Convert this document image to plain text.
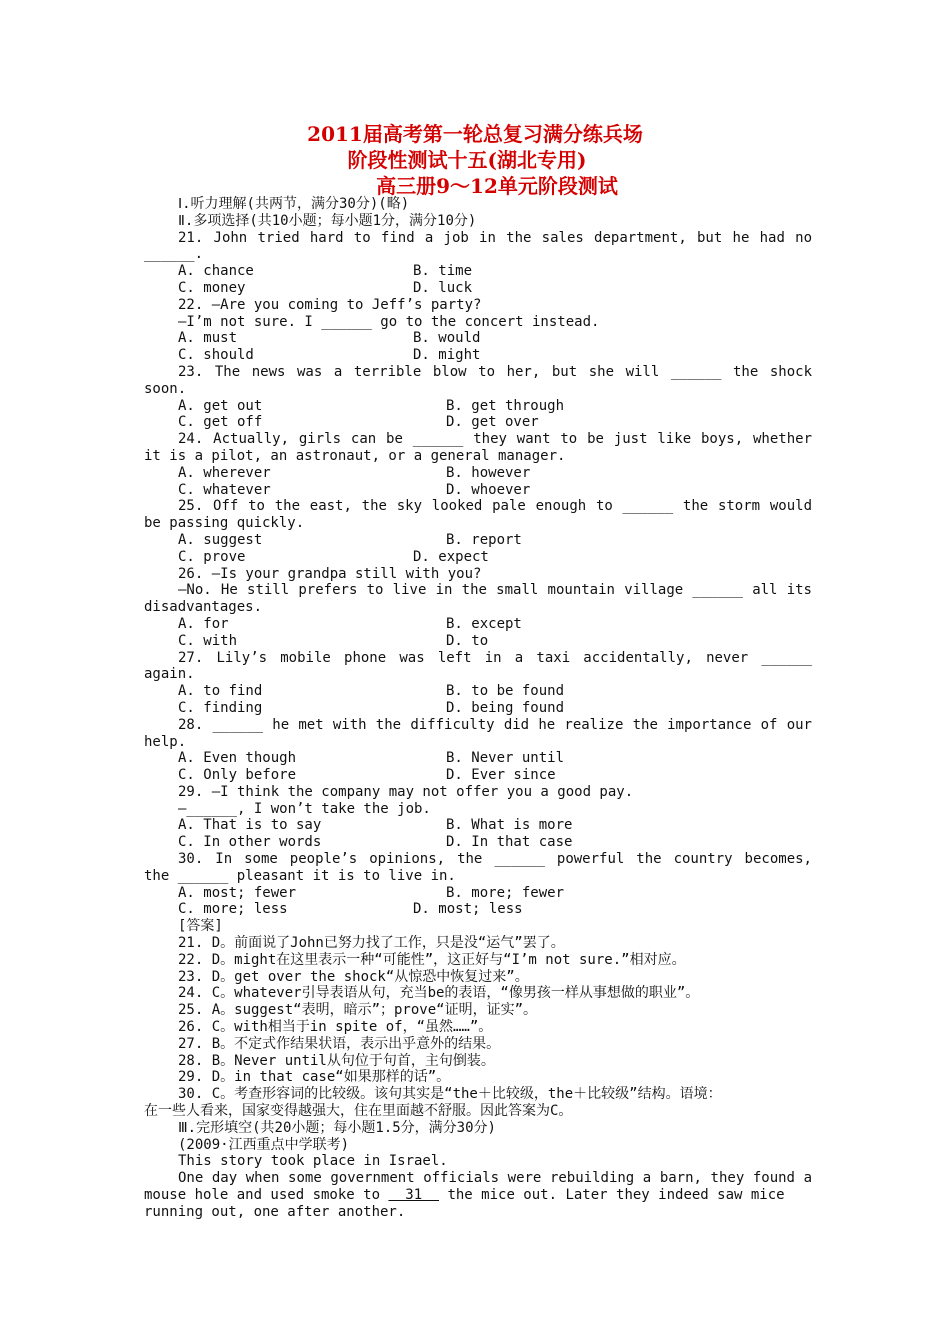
2011届高考第一轮总复习满分练兵场
阶段性测试十五(湖北专用)
高三册9～12单元阶段测试
Ⅰ.听力理解(共两节，满分30分)(略)
Ⅱ.多项选择(共10小题；每小题1分，满分10分)
21. John tried hard to find a job in the sales department, but he had no
______.
A. chance	B. time
C. money	D. luck
22. —Are you coming to Jeff’s party?
—I’m not sure. I ______ go to the concert instead.
A. must	B. would
C. should	D. might
23. The news was a terrible blow to her, but she will ______ the shock
soon.
A. get out	B. get through
C. get off	D. get over
24. Actually, girls can be ______ they want to be just like boys, whether
it is a pilot, an astronaut, or a general manager.
A. wherever	B. however
C. whatever	D. whoever
25. Off to the east, the sky looked pale enough to ______ the storm would
be passing quickly.
A. suggest	B. report
C. prove	D. expect
26. —Is your grandpa still with you?
—No. He still prefers to live in the small mountain village ______ all its
disadvantages.
A. for	B. except
C. with	D. to
27. Lily’s mobile phone was left in a taxi accidentally, never ______
again.
A. to find	B. to be found
C. finding	D. being found
28. ______ he met with the difficulty did he realize the importance of our
help.
A. Even though	B. Never until
C. Only before	D. Ever since
29. —I think the company may not offer you a good pay.
—______, I won’t take the job.
A. That is to say	B. What is more
C. In other words	D. In that case
30. In some people’s opinions, the ______ powerful the country becomes,
the ______ pleasant it is to live in.
A. most; fewer	B. more; fewer
C. more; less	D. most; less
[答案]
21. D。前面说了John已努力找了工作，只是没“运气”罢了。
22. D。might在这里表示一种“可能性”，这正好与“I’m not sure.”相对应。
23. D。get over the shock“从惊恐中恢复过来”。
24. C。whatever引导表语从句，充当be的表语，“像男孩一样从事想做的职业”。
25. A。suggest“表明，暗示”；prove“证明，证实”。
26. C。with相当于in spite of，“虽然……”。
27. B。不定式作结果状语，表示出乎意外的结果。
28. B。Never until从句位于句首，主句倒装。
29. D。in that case“如果那样的话”。
30. C。考查形容词的比较级。该句其实是“the＋比较级，the＋比较级”结构。语境：
在一些人看来，国家变得越强大，住在里面越不舒服。因此答案为C。
Ⅲ.完形填空(共20小题；每小题1.5分，满分30分)
(2009·江西重点中学联考)
This story took place in Israel.
One day when some government officials were rebuilding a barn, they found a
mouse hole and used smoke to   31   the mice out. Later they indeed saw mice
running out, one after another.
